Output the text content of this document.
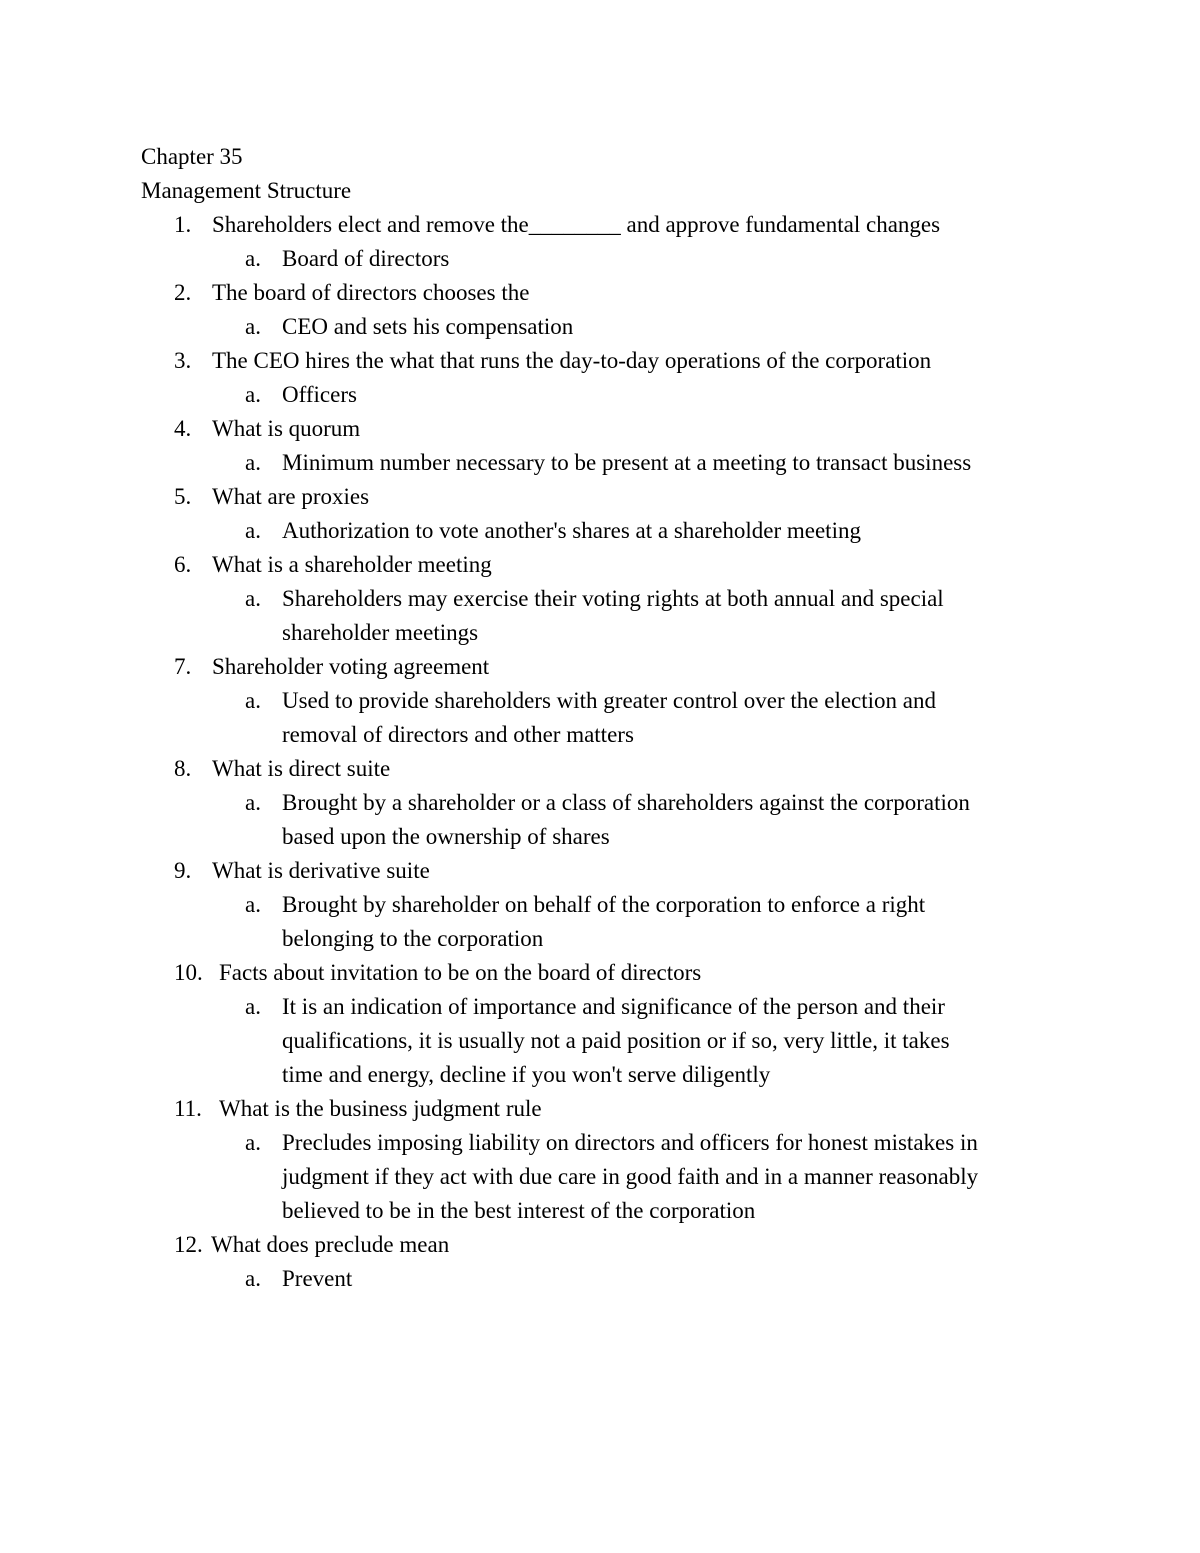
Chapter 35
Management Structure
1. Shareholders elect and remove the________ and approve fundamental changes
a. Board of directors
2. The board of directors chooses the
a. CEO and sets his compensation
3. The CEO hires the what that runs the day-to-day operations of the corporation
a. Officers
4. What is quorum
a. Minimum number necessary to be present at a meeting to transact business
5. What are proxies
a. Authorization to vote another's shares at a shareholder meeting
6. What is a shareholder meeting
a. Shareholders may exercise their voting rights at both annual and special
shareholder meetings
7. Shareholder voting agreement
a. Used to provide shareholders with greater control over the election and
removal of directors and other matters
8. What is direct suite
a. Brought by a shareholder or a class of shareholders against the corporation
based upon the ownership of shares
9. What is derivative suite
a. Brought by shareholder on behalf of the corporation to enforce a right
belonging to the corporation
10. Facts about invitation to be on the board of directors
a. It is an indication of importance and significance of the person and their
qualifications, it is usually not a paid position or if so, very little, it takes
time and energy, decline if you won't serve diligently
11. What is the business judgment rule
a. Precludes imposing liability on directors and officers for honest mistakes in
judgment if they act with due care in good faith and in a manner reasonably
believed to be in the best interest of the corporation
12. What does preclude mean
a. Prevent
